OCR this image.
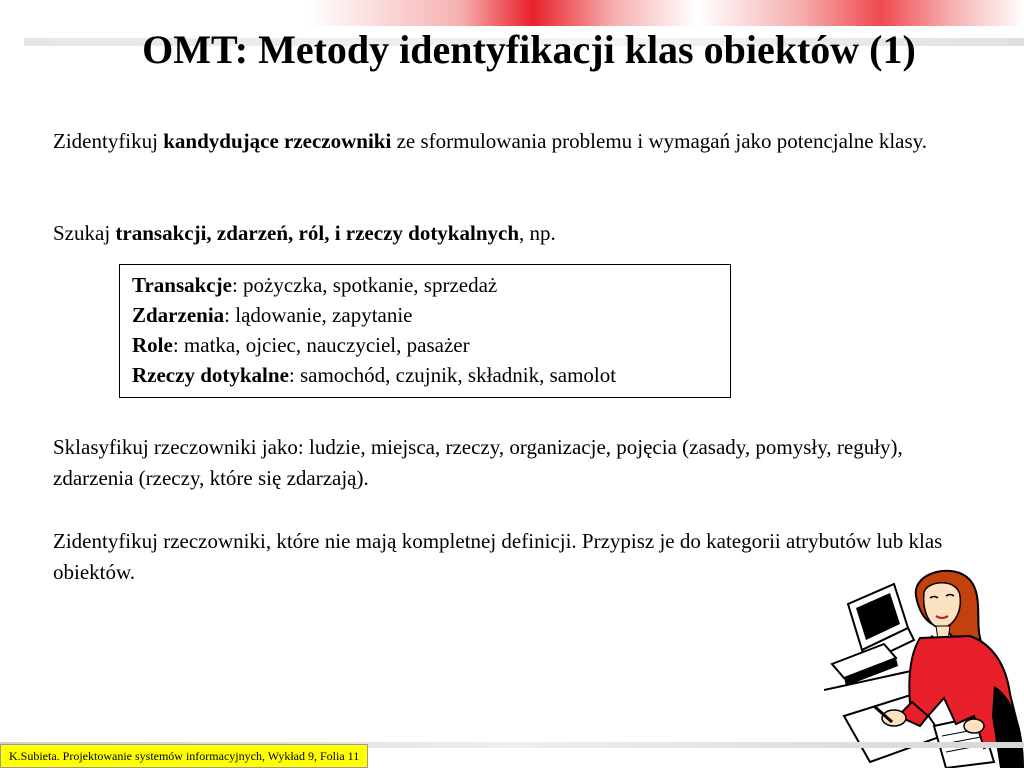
OMT: Metody identyfikacji klas obiektów (1)

Zidentyfikuj kandydujące rzeczowniki ze sformulowania problemu i wymagań jako potencjalne klasy.

Szukaj transakcji, zdarzeń, ról, i rzeczy dotykalnych, np.

Transakcje: pożyczka, spotkanie, sprzedaż
Zdarzenia: lądowanie, zapytanie
Role: matka, ojciec, nauczyciel, pasażer
Rzeczy dotykalne: samochód, czujnik, składnik, samolot

Sklasyfikuj rzeczowniki jako: ludzie, miejsca, rzeczy, organizacje, pojęcia (zasady, pomysły, reguły), zdarzenia (rzeczy, które się zdarzają).

Zidentyfikuj rzeczowniki, które nie mają kompletnej definicji. Przypisz je do kategorii atrybutów lub klas obiektów.

K.Subieta. Projektowanie systemów informacyjnych, Wykład 9, Folia 11
